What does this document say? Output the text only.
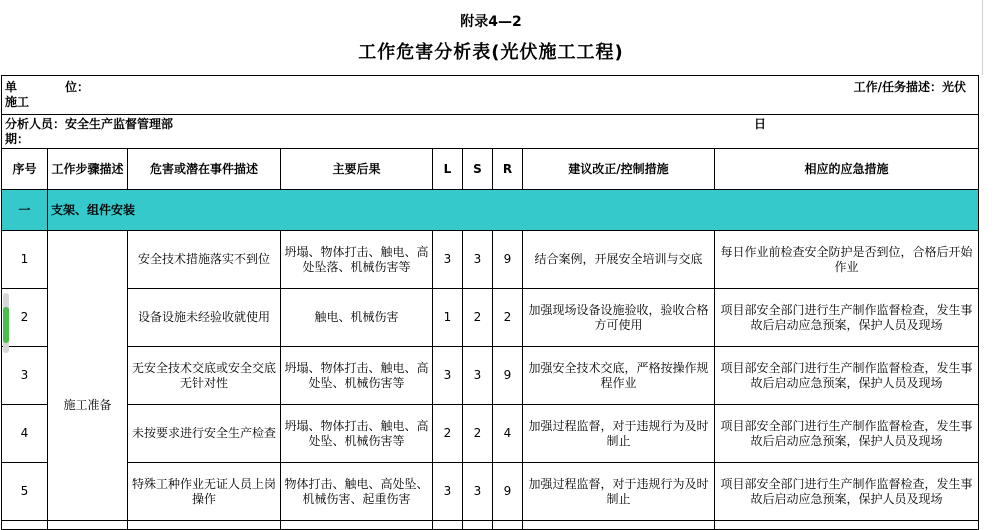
附录4—2
工作危害分析表(光伏施工工程)
单 位：
施工
工作/任务描述：光伏								

分析人员：安全生产监督管理部 日
期：								

序号	工作步骤描述	危害或潜在事件描述	主要后果	L	S	R	建议改正/控制措施	相应的应急措施
一	支架、组件安装							
1	施工准备	安全技术措施落实不到位	坍塌、物体打击、触电、高处坠落、机械伤害等	3	3	9	结合案例，开展安全培训与交底	每日作业前检查安全防护是否到位，合格后开始作业
2		设备设施未经验收就使用	触电、机械伤害	1	2	2	加强现场设备设施验收，验收合格方可使用	项目部安全部门进行生产制作监督检查，发生事故后启动应急预案，保护人员及现场
3		无安全技术交底或安全交底无针对性	坍塌、物体打击、触电、高处坠、机械伤害等	3	3	9	加强安全技术交底，严格按操作规程作业	项目部安全部门进行生产制作监督检查，发生事故后启动应急预案，保护人员及现场
4		未按要求进行安全生产检查	坍塌、物体打击、触电、高处坠、机械伤害等	2	2	4	加强过程监督，对于违规行为及时制止	项目部安全部门进行生产制作监督检查，发生事故后启动应急预案，保护人员及现场
5		特殊工种作业无证人员上岗操作	物体打击、触电、高处坠、机械伤害、起重伤害	3	3	9	加强过程监督，对于违规行为及时制止	项目部安全部门进行生产制作监督检查，发生事故后启动应急预案，保护人员及现场
